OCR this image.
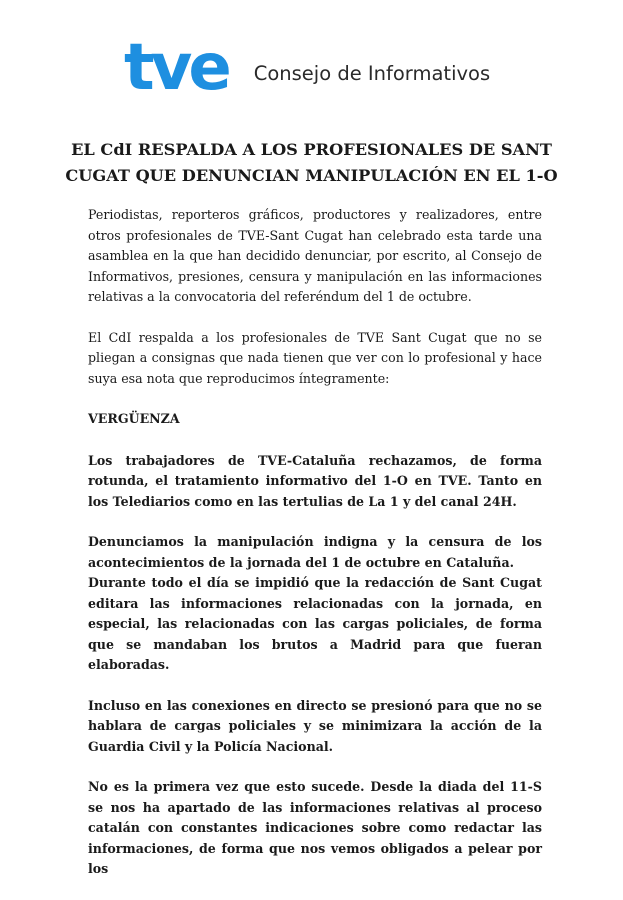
tve Consejo de Informativos
EL CdI RESPALDA A LOS PROFESIONALES DE SANT CUGAT QUE DENUNCIAN MANIPULACIÓN EN EL 1-O

Periodistas, reporteros gráficos, productores y realizadores, entre otros profesionales de TVE-Sant Cugat han celebrado esta tarde una asamblea en la que han decidido denunciar, por escrito, al Consejo de Informativos, presiones, censura y manipulación en las informaciones relativas a la convocatoria del referéndum del 1 de octubre.

El CdI respalda a los profesionales de TVE Sant Cugat que no se pliegan a consignas que nada tienen que ver con lo profesional y hace suya esa nota que reproducimos íntegramente:

VERGÜENZA

Los trabajadores de TVE-Cataluña rechazamos, de forma rotunda, el tratamiento informativo del 1-O en TVE. Tanto en los Telediarios como en las tertulias de La 1 y del canal 24H.

Denunciamos la manipulación indigna y la censura de los acontecimientos de la jornada del 1 de octubre en Cataluña.

Durante todo el día se impidió que la redacción de Sant Cugat editara las informaciones relacionadas con la jornada, en especial, las relacionadas con las cargas policiales, de forma que se mandaban los brutos a Madrid para que fueran elaboradas.

Incluso en las conexiones en directo se presionó para que no se hablara de cargas policiales y se minimizara la acción de la Guardia Civil y la Policía Nacional.

No es la primera vez que esto sucede. Desde la diada del 11-S se nos ha apartado de las informaciones relativas al proceso catalán con constantes indicaciones sobre como redactar las informaciones, de forma que nos vemos obligados a pelear por los
